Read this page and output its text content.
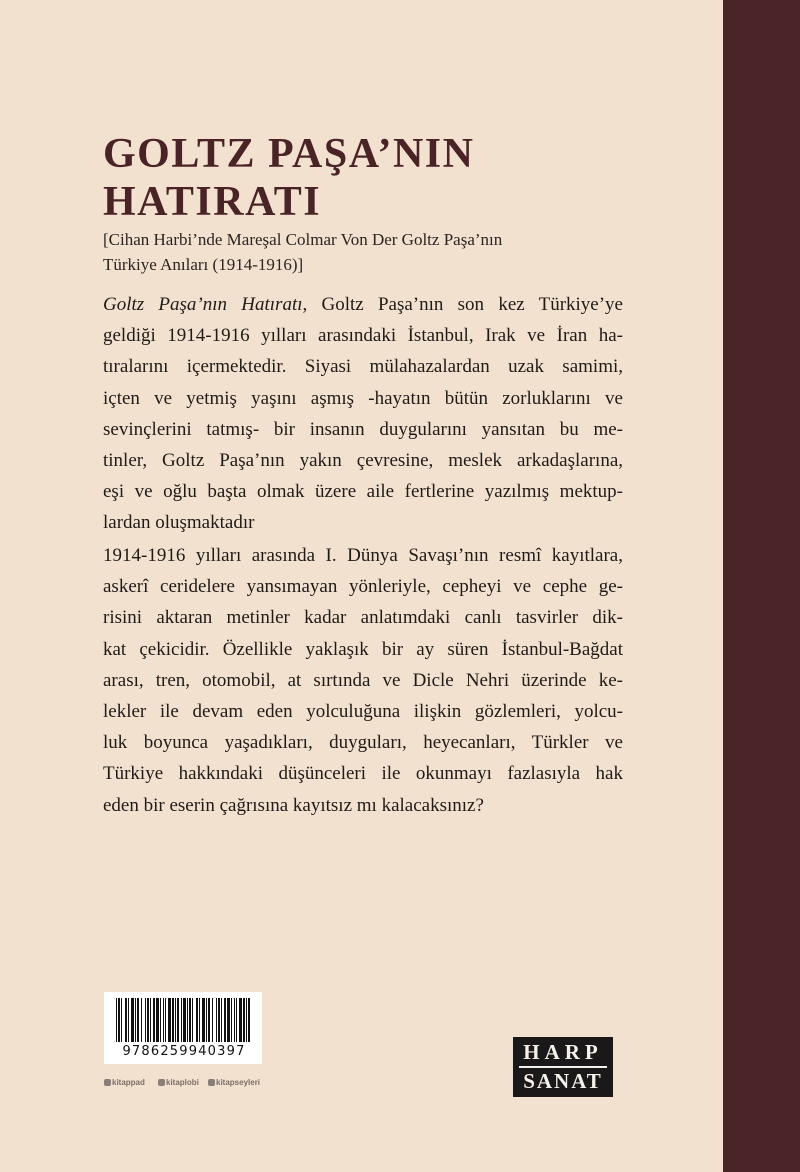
GOLTZ PAŞA’NIN
HATIRATI
[Cihan Harbi’nde Mareşal Colmar Von Der Goltz Paşa’nın
Türkiye Anıları (1914-1916)]
Goltz Paşa’nın Hatıratı, Goltz Paşa’nın son kez Türkiye’ye
geldiği 1914-1916 yılları arasındaki İstanbul, Irak ve İran ha-
tıralarını içermektedir. Siyasi mülahazalardan uzak samimi,
içten ve yetmiş yaşını aşmış -hayatın bütün zorluklarını ve
sevinçlerini tatmış- bir insanın duygularını yansıtan bu me-
tinler, Goltz Paşa’nın yakın çevresine, meslek arkadaşlarına,
eşi ve oğlu başta olmak üzere aile fertlerine yazılmış mektup-
lardan oluşmaktadır
1914-1916 yılları arasında I. Dünya Savaşı’nın resmî kayıtlara,
askerî ceridelere yansımayan yönleriyle, cepheyi ve cephe ge-
risini aktaran metinler kadar anlatımdaki canlı tasvirler dik-
kat çekicidir. Özellikle yaklaşık bir ay süren İstanbul-Bağdat
arası, tren, otomobil, at sırtında ve Dicle Nehri üzerinde ke-
lekler ile devam eden yolculuğuna ilişkin gözlemleri, yolcu-
luk boyunca yaşadıkları, duyguları, heyecanları, Türkler ve
Türkiye hakkındaki düşünceleri ile okunmayı fazlasıyla hak
eden bir eserin çağrısına kayıtsız mı kalacaksınız?
9786259940397
kitappad	kitaplobi	kitapseyleri
HARP
SANAT
